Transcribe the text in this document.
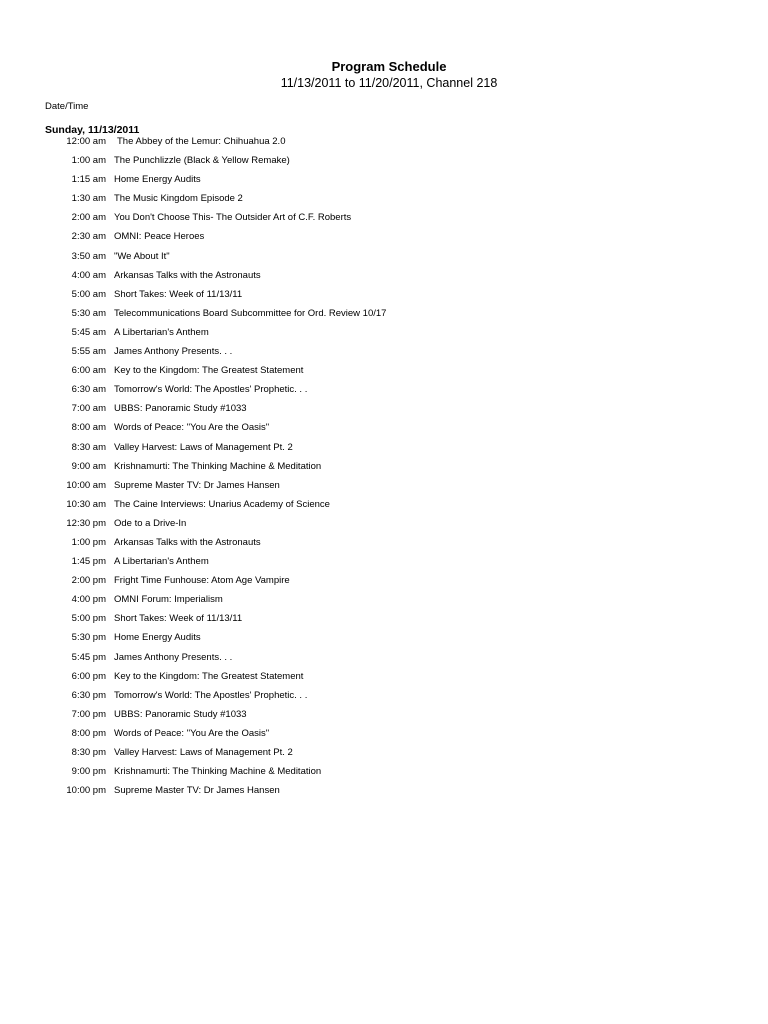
Program Schedule
11/13/2011 to 11/20/2011, Channel 218
Date/Time
Sunday, 11/13/2011
12:00 am The Abbey of the Lemur: Chihuahua 2.0
1:00 am The Punchlizzle (Black & Yellow Remake)
1:15 am Home Energy Audits
1:30 am The Music Kingdom Episode 2
2:00 am You Don't Choose This- The Outsider Art of C.F. Roberts
2:30 am OMNI: Peace Heroes
3:50 am "We About It"
4:00 am Arkansas Talks with the Astronauts
5:00 am Short Takes: Week of 11/13/11
5:30 am Telecommunications Board Subcommittee for Ord. Review 10/17
5:45 am A Libertarian's Anthem
5:55 am James Anthony Presents. . .
6:00 am Key to the Kingdom: The Greatest Statement
6:30 am Tomorrow's World: The Apostles' Prophetic. . .
7:00 am UBBS: Panoramic Study #1033
8:00 am Words of Peace: "You Are the Oasis"
8:30 am Valley Harvest: Laws of Management Pt. 2
9:00 am Krishnamurti: The Thinking Machine & Meditation
10:00 am Supreme Master TV: Dr James Hansen
10:30 am The Caine Interviews: Unarius Academy of Science
12:30 pm Ode to a Drive-In
1:00 pm Arkansas Talks with the Astronauts
1:45 pm A Libertarian's Anthem
2:00 pm Fright Time Funhouse: Atom Age Vampire
4:00 pm OMNI Forum: Imperialism
5:00 pm Short Takes: Week of 11/13/11
5:30 pm Home Energy Audits
5:45 pm James Anthony Presents. . .
6:00 pm Key to the Kingdom: The Greatest Statement
6:30 pm Tomorrow's World: The Apostles' Prophetic. . .
7:00 pm UBBS: Panoramic Study #1033
8:00 pm Words of Peace: "You Are the Oasis"
8:30 pm Valley Harvest: Laws of Management Pt. 2
9:00 pm Krishnamurti: The Thinking Machine & Meditation
10:00 pm Supreme Master TV: Dr James Hansen
